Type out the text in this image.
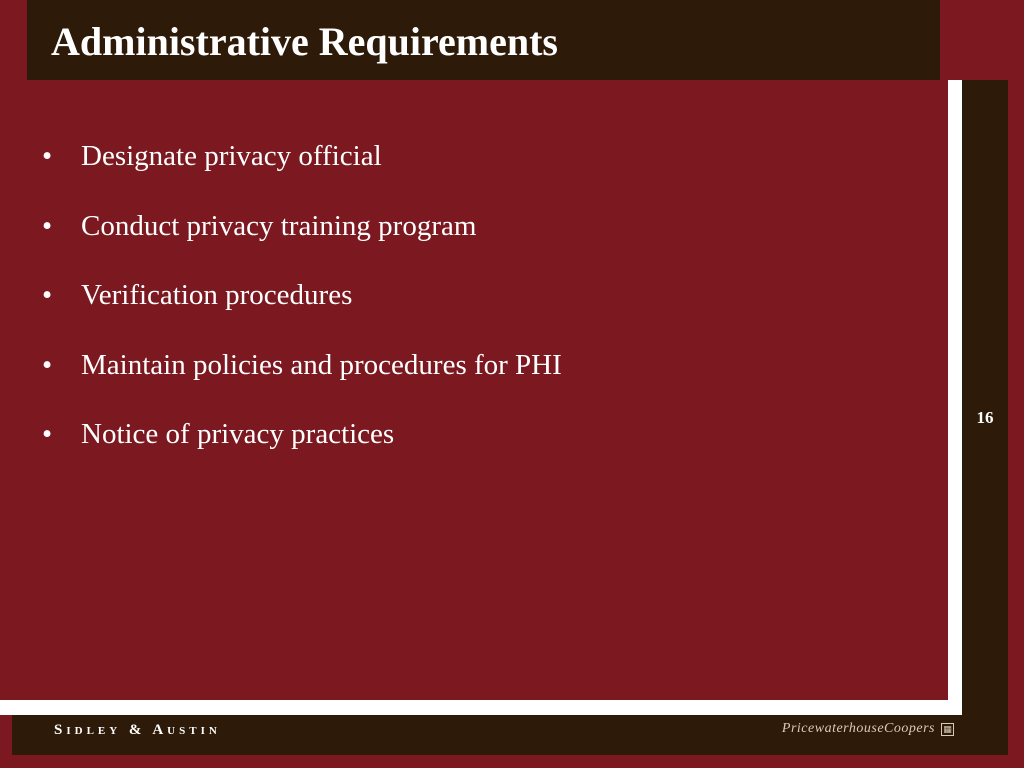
Administrative Requirements
16
• Designate privacy official
• Conduct privacy training program
• Verification procedures
• Maintain policies and procedures for PHI
• Notice of privacy practices
Sidley & Austin	PricewaterhouseCoopers ▦
